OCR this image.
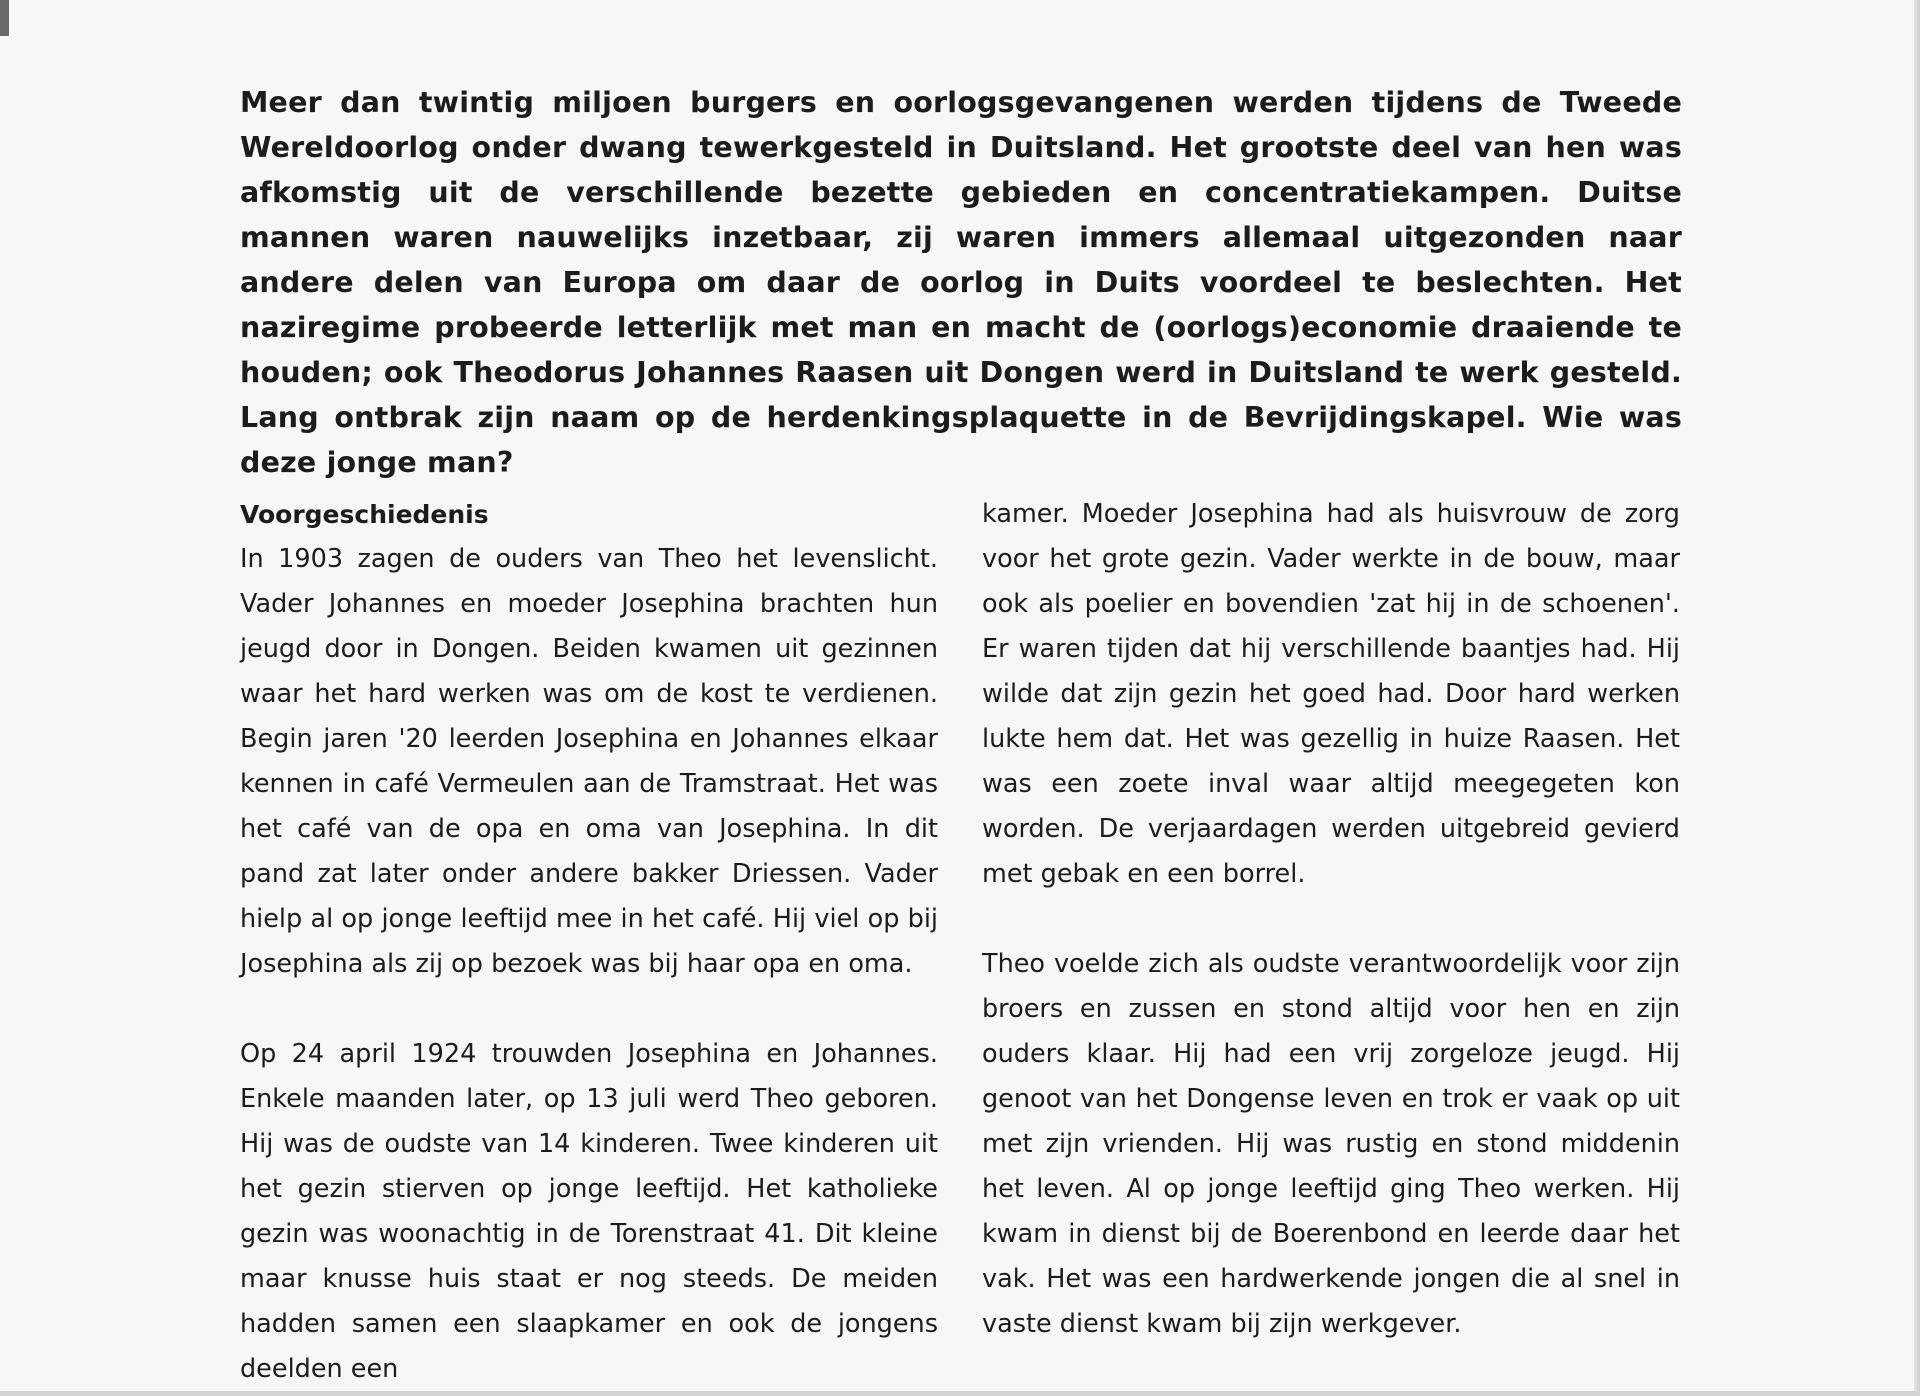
Meer dan twintig miljoen burgers en oorlogsgevangenen werden tijdens de Tweede Wereldoorlog onder dwang tewerkgesteld in Duitsland. Het grootste deel van hen was afkomstig uit de verschillende bezette gebieden en concentratiekampen. Duitse mannen waren nauwelijks inzetbaar, zij waren immers allemaal uitgezonden naar andere delen van Europa om daar de oorlog in Duits voordeel te beslechten. Het naziregime probeerde letterlijk met man en macht de (oorlogs)economie draaiende te houden; ook Theodorus Johannes Raasen uit Dongen werd in Duitsland te werk gesteld. Lang ontbrak zijn naam op de herdenkingsplaquette in de Bevrijdingskapel. Wie was deze jonge man?

Voorgeschiedenis

In 1903 zagen de ouders van Theo het levenslicht. Vader Johannes en moeder Josephina brachten hun jeugd door in Dongen. Beiden kwamen uit gezinnen waar het hard werken was om de kost te verdienen. Begin jaren '20 leerden Josephina en Johannes elkaar kennen in café Vermeulen aan de Tramstraat. Het was het café van de opa en oma van Josephina. In dit pand zat later onder andere bakker Driessen. Vader hielp al op jonge leeftijd mee in het café. Hij viel op bij Josephina als zij op bezoek was bij haar opa en oma.

Op 24 april 1924 trouwden Josephina en Johannes. Enkele maanden later, op 13 juli werd Theo geboren. Hij was de oudste van 14 kinderen. Twee kinderen uit het gezin stierven op jonge leeftijd. Het katholieke gezin was woonachtig in de Torenstraat 41. Dit kleine maar knusse huis staat er nog steeds. De meiden hadden samen een slaapkamer en ook de jongens deelden een

kamer. Moeder Josephina had als huisvrouw de zorg voor het grote gezin. Vader werkte in de bouw, maar ook als poelier en bovendien 'zat hij in de schoenen'. Er waren tijden dat hij verschillende baantjes had. Hij wilde dat zijn gezin het goed had. Door hard werken lukte hem dat. Het was gezellig in huize Raasen. Het was een zoete inval waar altijd meegegeten kon worden. De verjaardagen werden uitgebreid gevierd met gebak en een borrel.

Theo voelde zich als oudste verantwoordelijk voor zijn broers en zussen en stond altijd voor hen en zijn ouders klaar. Hij had een vrij zorgeloze jeugd. Hij genoot van het Dongense leven en trok er vaak op uit met zijn vrienden. Hij was rustig en stond middenin het leven. Al op jonge leeftijd ging Theo werken. Hij kwam in dienst bij de Boerenbond en leerde daar het vak. Het was een hardwerkende jongen die al snel in vaste dienst kwam bij zijn werkgever.
